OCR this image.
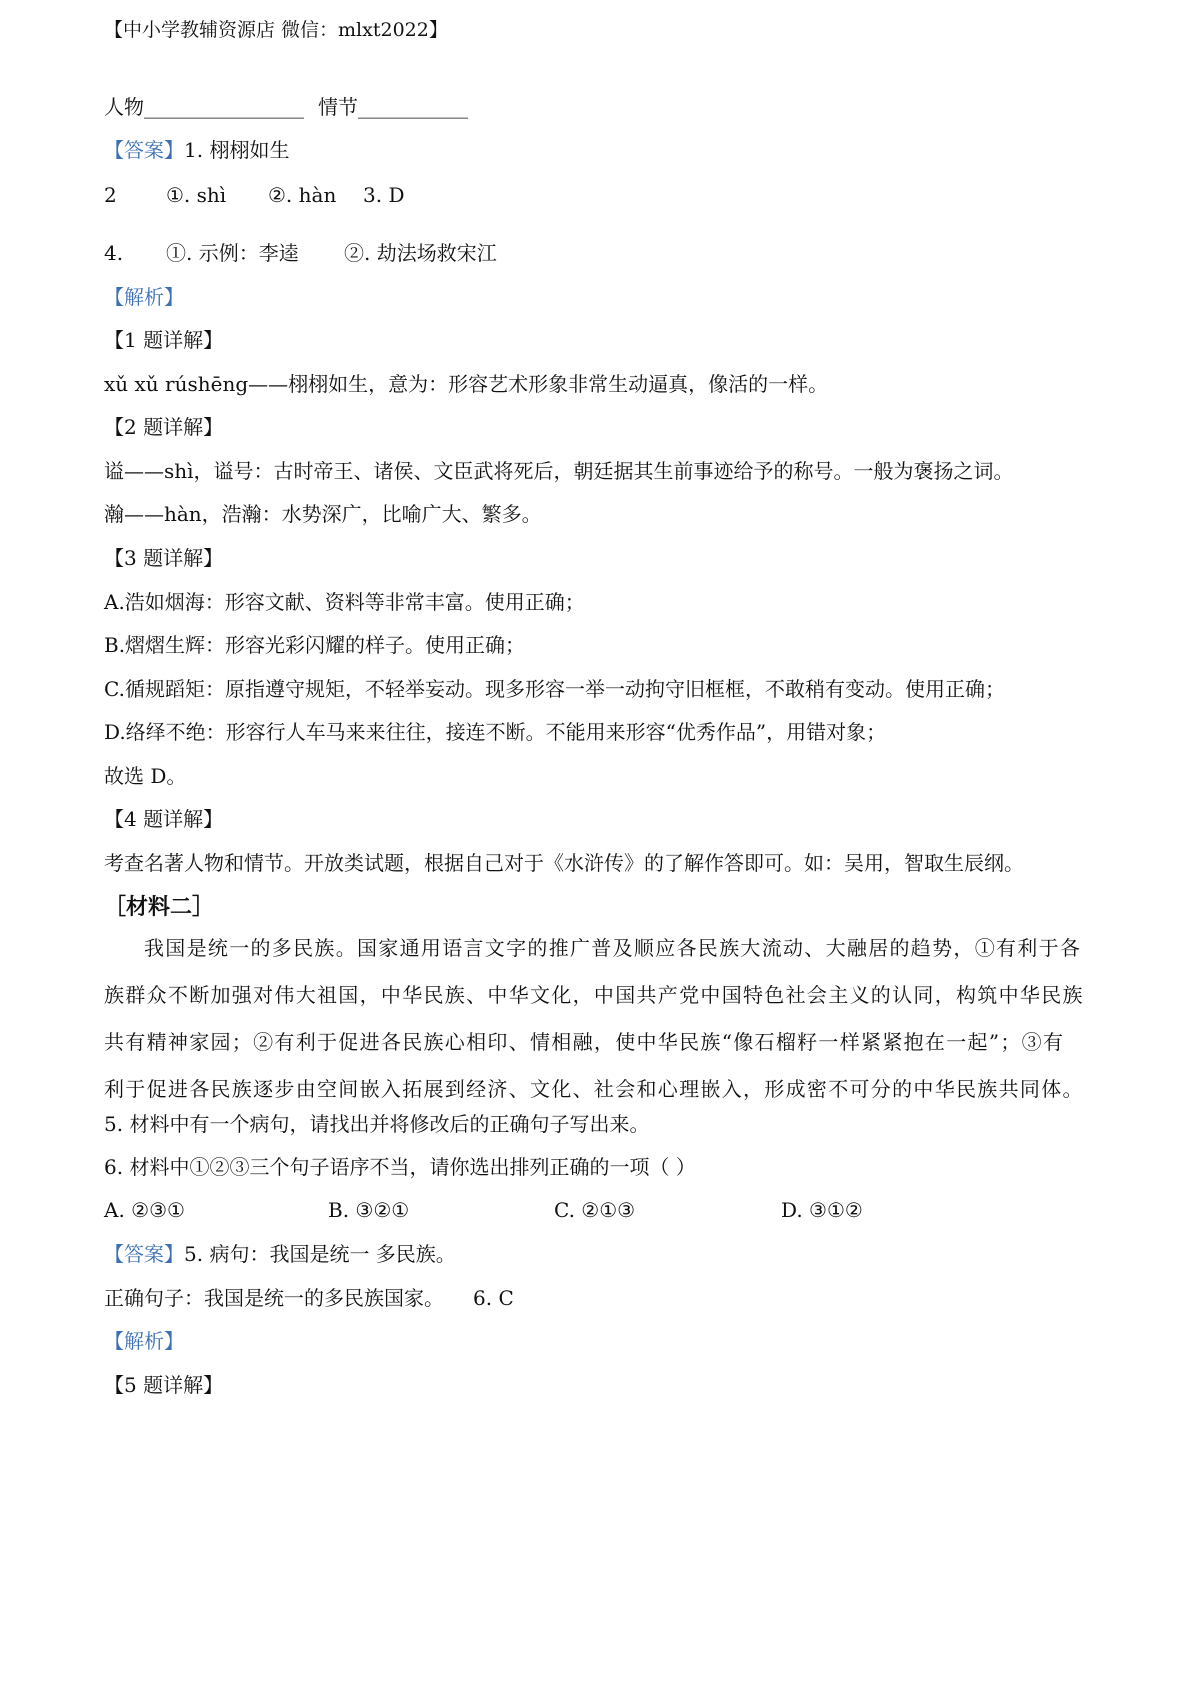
【中小学教辅资源店 微信：mlxt2022】
人物________________ 情节___________
【答案】1. 栩栩如生
2 ①. shì ②. hàn 3. D
4. ①. 示例：李逵 ②. 劫法场救宋江
【解析】
【1 题详解】
xǔ xǔ rúshēng——栩栩如生，意为：形容艺术形象非常生动逼真，像活的一样。
【2 题详解】
谥——shì，谥号：古时帝王、诸侯、文臣武将死后，朝廷据其生前事迹给予的称号。一般为褒扬之词。
瀚——hàn，浩瀚：水势深广，比喻广大、繁多。
【3 题详解】
A.浩如烟海：形容文献、资料等非常丰富。使用正确；
B.熠熠生辉：形容光彩闪耀的样子。使用正确；
C.循规蹈矩：原指遵守规矩，不轻举妄动。现多形容一举一动拘守旧框框，不敢稍有变动。使用正确；
D.络绎不绝：形容行人车马来来往往，接连不断。不能用来形容“优秀作品”，用错对象；
故选 D。
【4 题详解】
考查名著人物和情节。开放类试题，根据自己对于《水浒传》的了解作答即可。如：吴用，智取生辰纲。
［材料二］

我国是统一的多民族。国家通用语言文字的推广普及顺应各民族大流动、大融居的趋势，①有利于各

族群众不断加强对伟大祖国，中华民族、中华文化，中国共产党中国特色社会主义的认同，构筑中华民族

共有精神家园；②有利于促进各民族心相印、情相融，使中华民族“像石榴籽一样紧紧抱在一起”；③有

利于促进各民族逐步由空间嵌入拓展到经济、文化、社会和心理嵌入，形成密不可分的中华民族共同体。

5. 材料中有一个病句，请找出并将修改后的正确句子写出来。
6. 材料中①②③三个句子语序不当，请你选出排列正确的一项（ ）
A. ②③①	B. ③②①	C. ②①③	D. ③①②
【答案】5. 病句：我国是统一 多民族。
正确句子：我国是统一的多民族国家。 6. C
【解析】
【5 题详解】
